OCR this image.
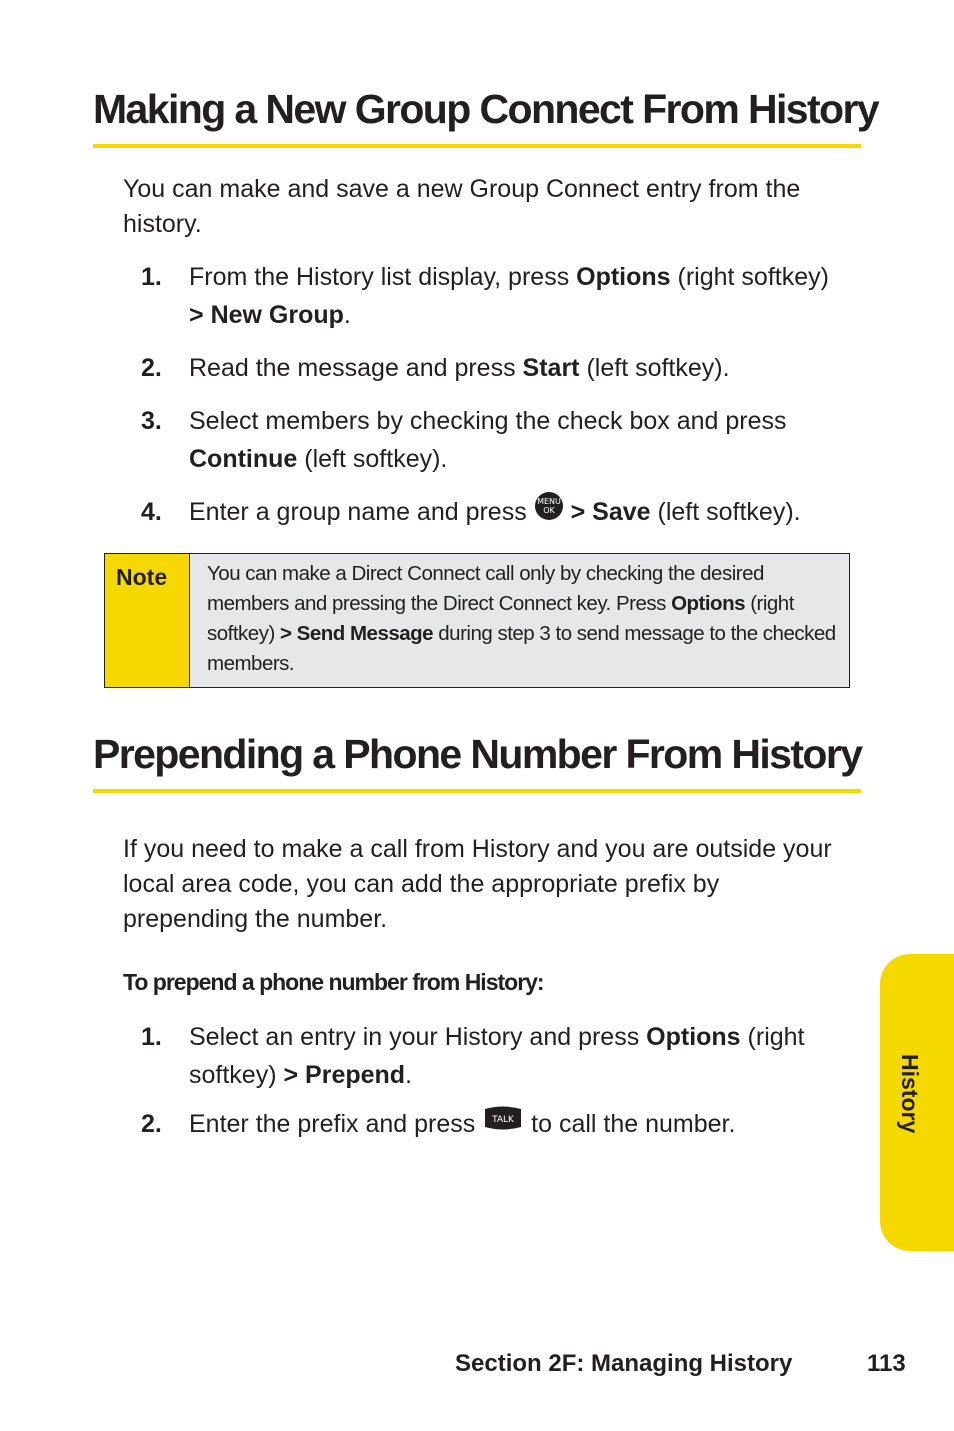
Making a New Group Connect From History

You can make and save a new Group Connect entry from the history.

1. From the History list display, press Options (right softkey) > New Group.
2. Read the message and press Start (left softkey).
3. Select members by checking the check box and press Continue (left softkey).
4. Enter a group name and press MENU
OK > Save (left softkey).
Note	You can make a Direct Connect call only by checking the desired members and pressing the Direct Connect key. Press Options (right softkey) > Send Message during step 3 to send message to the checked members.
Prepending a Phone Number From History

If you need to make a call from History and you are outside your local area code, you can add the appropriate prefix by prepending the number.

To prepend a phone number from History:
1. Select an entry in your History and press Options (right softkey) > Prepend.
2. Enter the prefix and press TALK to call the number.	History
Section 2F: Managing History	113
